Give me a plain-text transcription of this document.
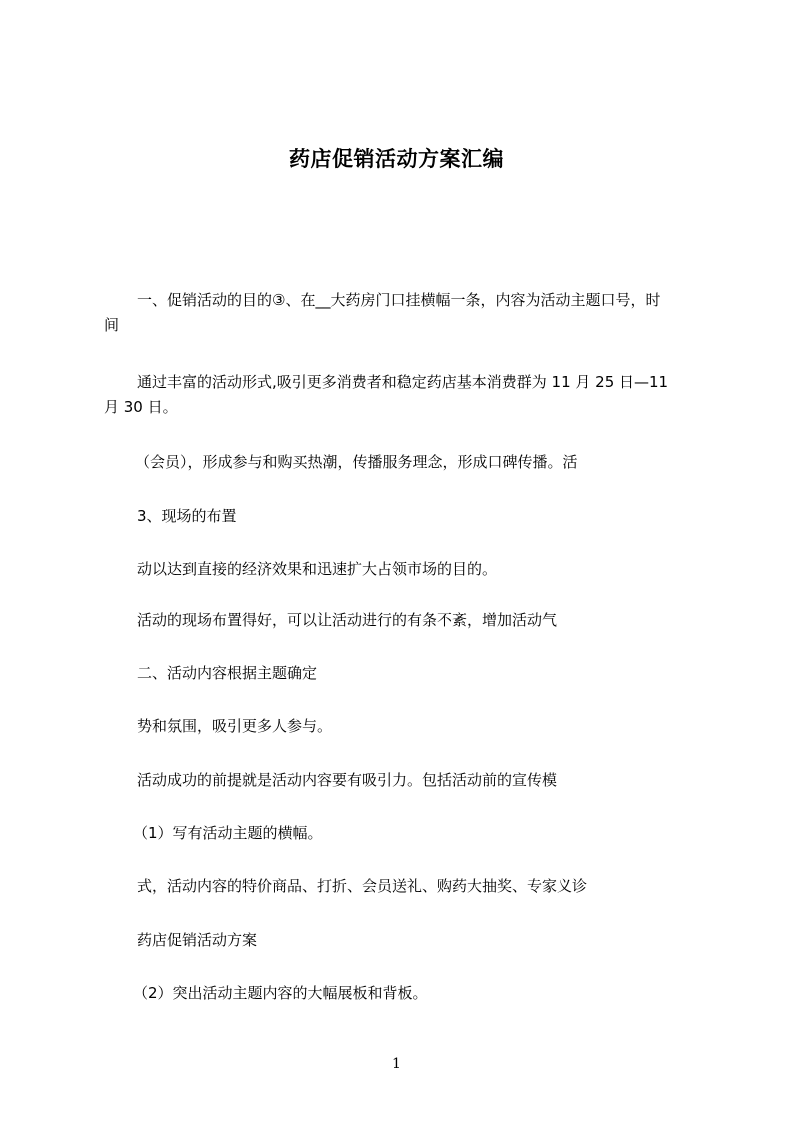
药店促销活动方案汇编
一、促销活动的目的③、在__大药房门口挂横幅一条，内容为活动主题口号，时
间
通过丰富的活动形式,吸引更多消费者和稳定药店基本消费群为 11 月 25 日—11
月 30 日。
（会员），形成参与和购买热潮，传播服务理念，形成口碑传播。活
3、现场的布置
动以达到直接的经济效果和迅速扩大占领市场的目的。
活动的现场布置得好，可以让活动进行的有条不紊，增加活动气
二、活动内容根据主题确定
势和氛围，吸引更多人参与。
活动成功的前提就是活动内容要有吸引力。包括活动前的宣传模
（1）写有活动主题的横幅。
式，活动内容的特价商品、打折、会员送礼、购药大抽奖、专家义诊
药店促销活动方案
（2）突出活动主题内容的大幅展板和背板。
1
